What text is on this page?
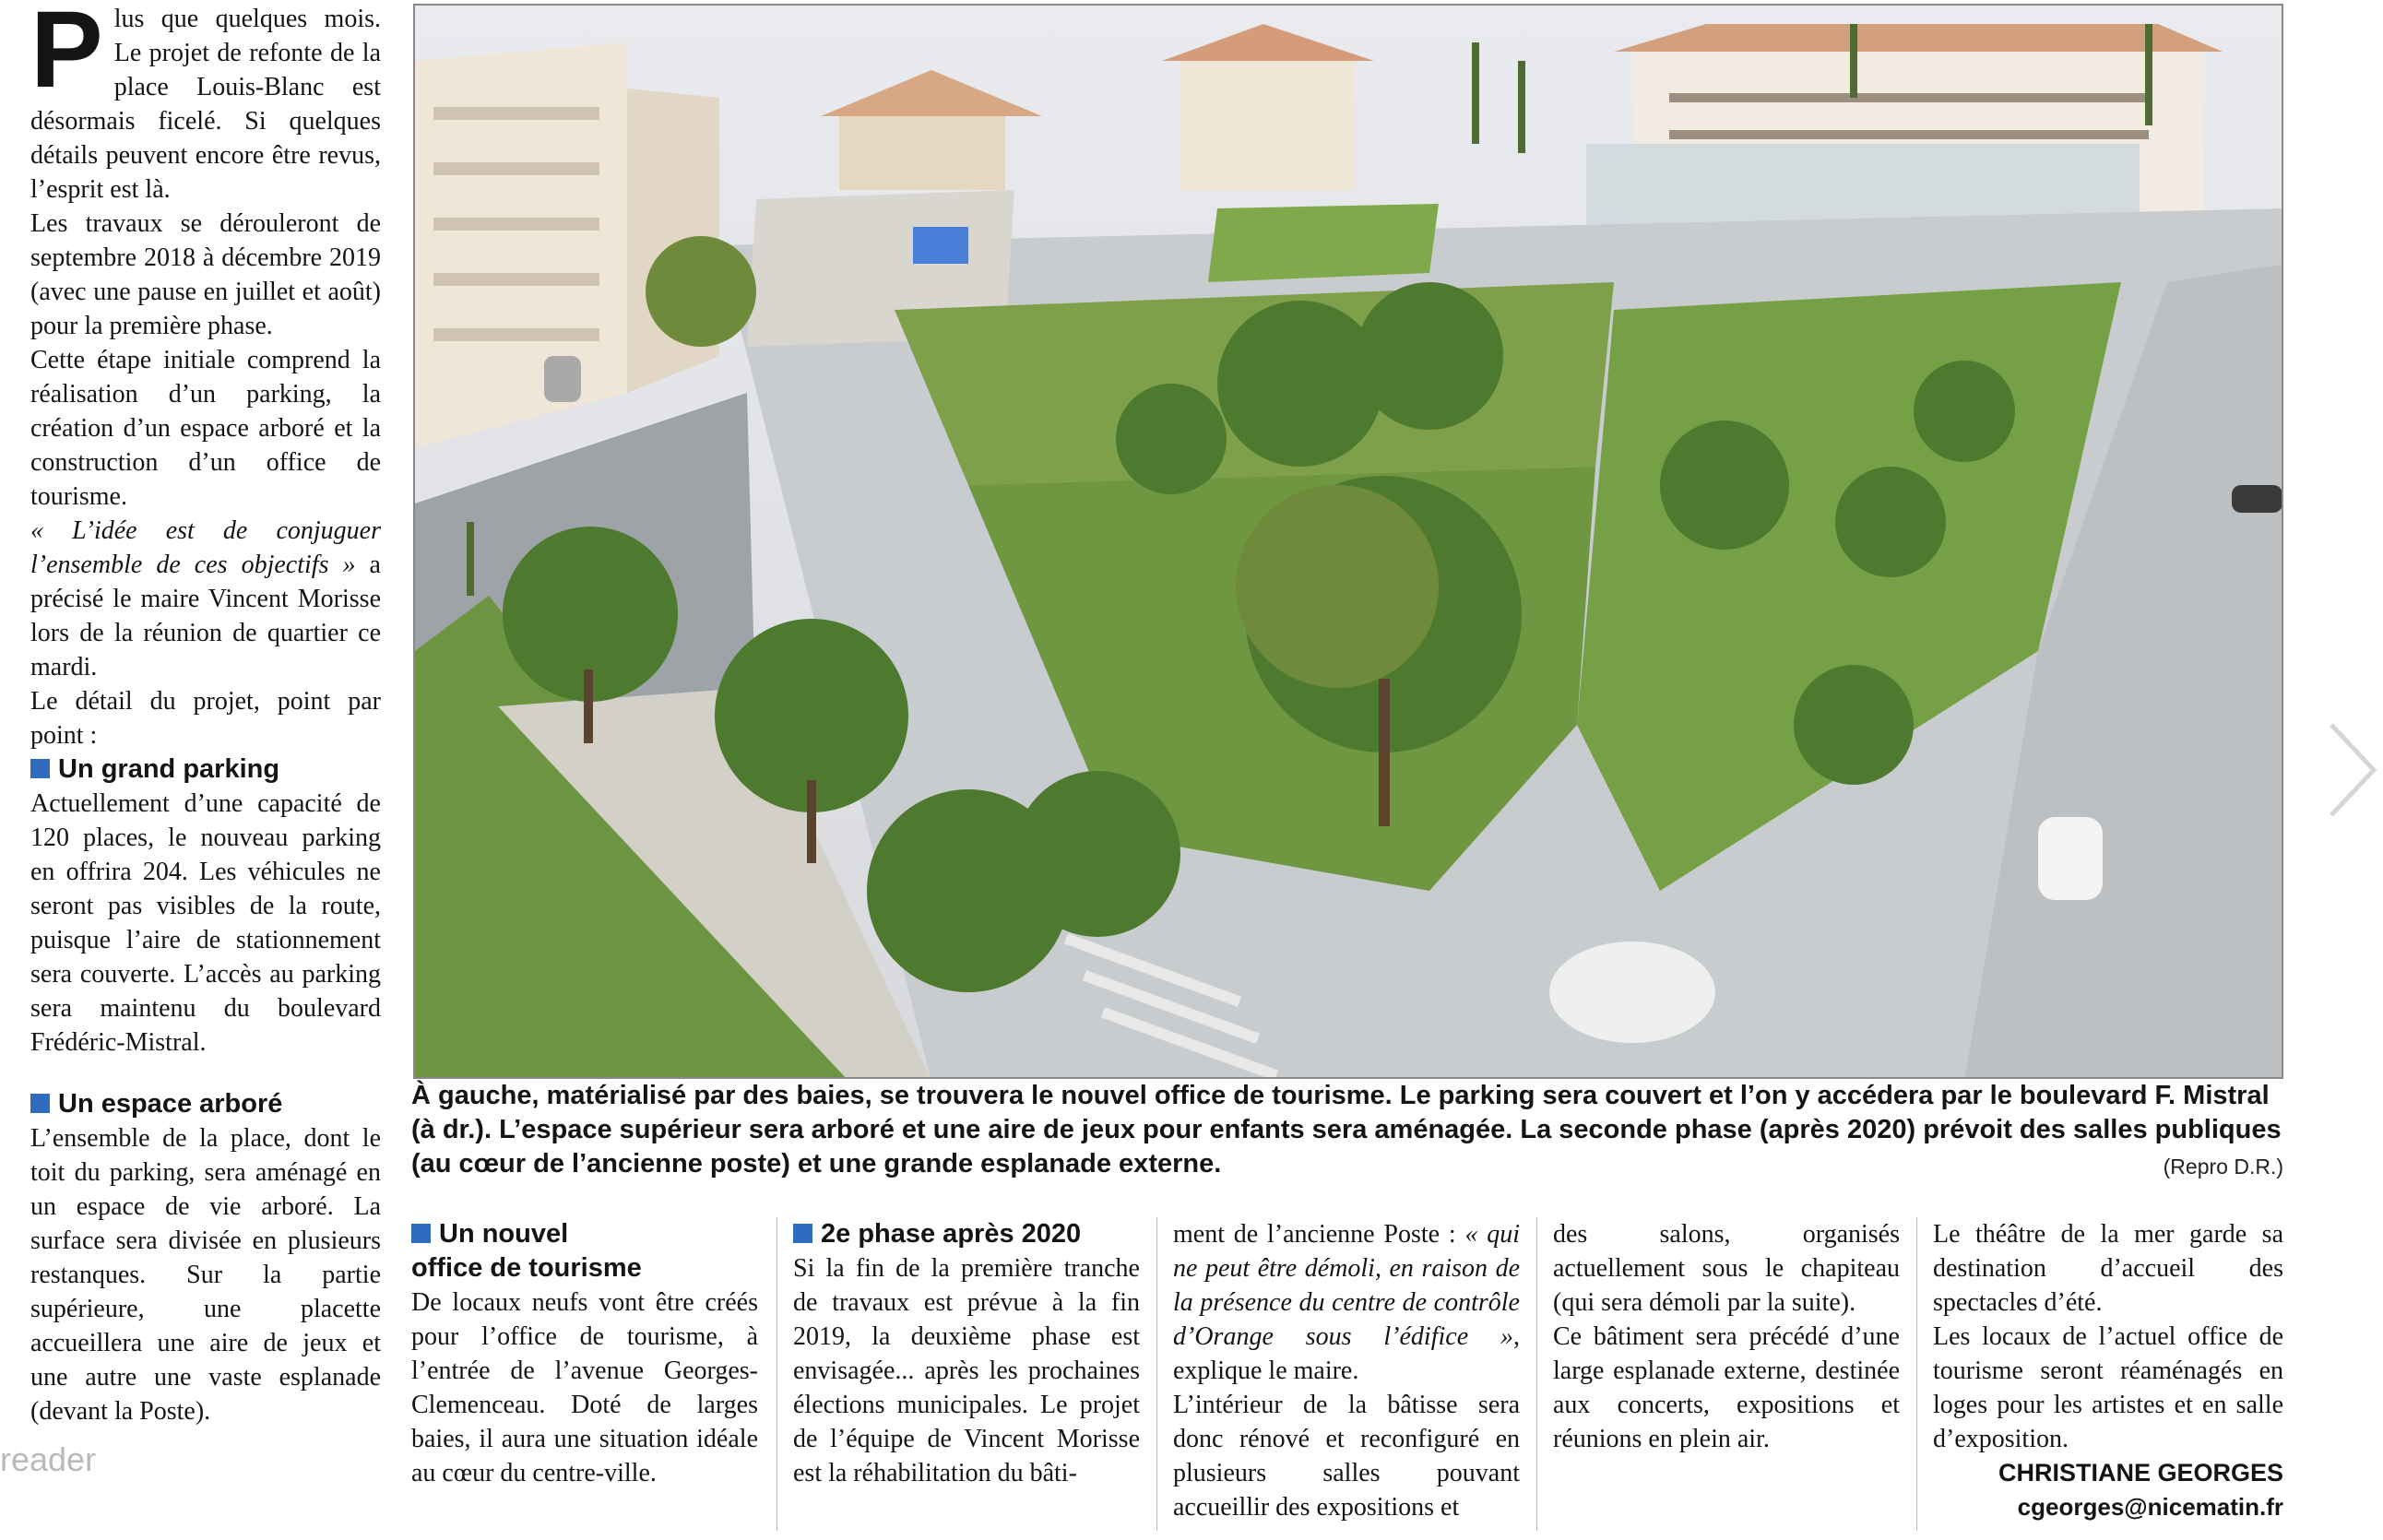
P lus que quelques mois. Le projet de refonte de la place Louis-Blanc est désormais ficelé. Si quelques détails peuvent encore être revus, l’esprit est là.

Les travaux se dérouleront de septembre 2018 à décembre 2019 (avec une pause en juillet et août) pour la première phase.

Cette étape initiale comprend la réalisation d’un parking, la création d’un espace arboré et la construction d’un office de tourisme.

« L’idée est de conjuguer l’ensemble de ces objectifs » a précisé le maire Vincent Morisse lors de la réunion de quartier ce mardi.

Le détail du projet, point par point :

Un grand parking

Actuellement d’une capacité de 120 places, le nouveau parking en offrira 204. Les véhicules ne seront pas visibles de la route, puisque l’aire de stationnement sera couverte. L’accès au parking sera maintenu du boulevard Frédéric-Mistral.

Un espace arboré

L’ensemble de la place, dont le toit du parking, sera aménagé en un espace de vie arboré. La surface sera divisée en plusieurs restanques. Sur la partie supérieure, une placette accueillera une aire de jeux et une autre une vaste esplanade (devant la Poste).

À gauche, matérialisé par des baies, se trouvera le nouvel office de tourisme. Le parking sera couvert et l’on y accédera par le boulevard F. Mistral (à dr.). L’espace supérieur sera arboré et une aire de jeux pour enfants sera aménagée. La seconde phase (après 2020) prévoit des salles publiques (au cœur de l’ancienne poste) et une grande esplanade externe.	(Repro D.R.)
Un nouvel
office de tourisme

De locaux neufs vont être créés pour l’office de tourisme, à l’entrée de l’avenue Georges-Clemenceau. Doté de larges baies, il aura une situation idéale au cœur du centre-ville.

2e phase après 2020

Si la fin de la première tranche de travaux est prévue à la fin 2019, la deuxième phase est envisagée... après les prochaines élections municipales. Le projet de l’équipe de Vincent Morisse est la réhabilitation du bâti-

ment de l’ancienne Poste : « qui ne peut être démoli, en raison de la présence du centre de contrôle d’Orange sous l’édifice », explique le maire.

L’intérieur de la bâtisse sera donc rénové et reconfiguré en plusieurs salles pouvant accueillir des expositions et

des salons, organisés actuellement sous le chapiteau (qui sera démoli par la suite).

Ce bâtiment sera précédé d’une large esplanade externe, destinée aux concerts, expositions et réunions en plein air.

Le théâtre de la mer garde sa destination d’accueil des spectacles d’été.

Les locaux de l’actuel office de tourisme seront réaménagés en loges pour les artistes et en salle d’exposition.

CHRISTIANE GEORGES
cgeorges@nicematin.fr
reader
